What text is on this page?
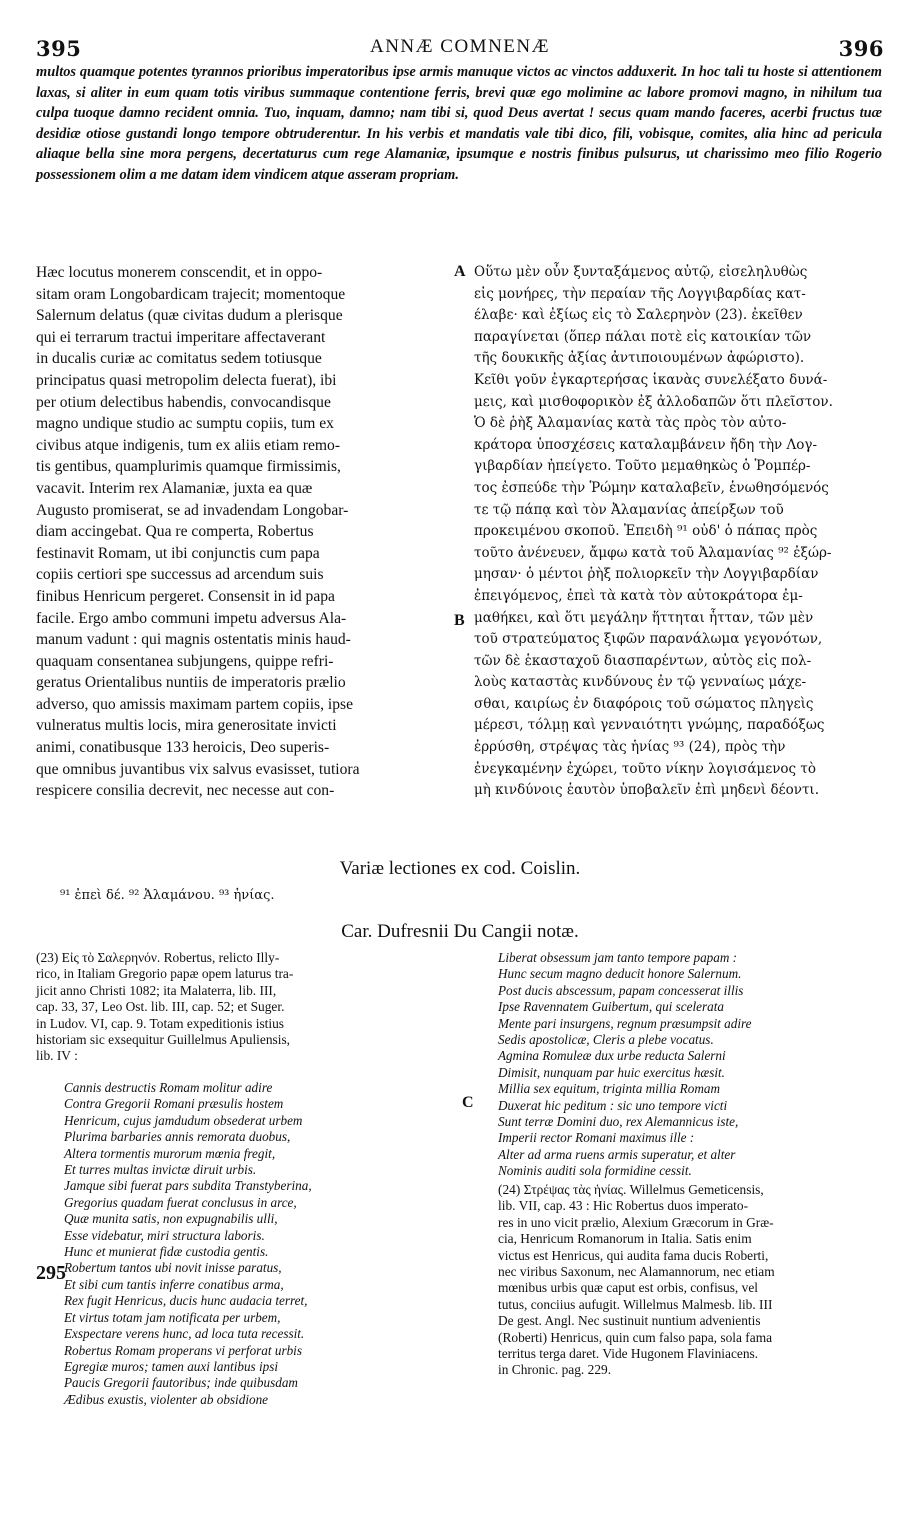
395	ANNÆ COMNENÆ	396
multos quamque potentes tyrannos prioribus imperatoribus ipse armis manuque victos ac vinctos adduxerit. In hoc tali tu hoste si attentionem laxas, si aliter in eum quam totis viribus summaque contentione ferris, brevi quæ ego molimine ac labore promovi magno, in nihilum tua culpa tuoque damno recident omnia. Tuo, inquam, damno; nam tibi si, quod Deus avertat ! secus quam mando faceres, acerbi fructus tuæ desidiæ otiose gustandi longo tempore obtruderentur. In his verbis et mandatis vale tibi dico, fili, vobisque, comites, alia hinc ad pericula aliaque bella sine mora pergens, decertaturus cum rege Alamaniæ, ipsumque e nostris finibus pulsurus, ut charissimo meo filio Rogerio possessionem olim a me datam idem vindicem atque asseram propriam.
Hæc locutus monerem conscendit, et in oppo-
sitam oram Longobardicam trajecit; momentoque
Salernum delatus (quæ civitas dudum a plerisque
qui ei terrarum tractui imperitare affectaverant
in ducalis curiæ ac comitatus sedem totiusque
principatus quasi metropolim delecta fuerat), ibi
per otium delectibus habendis, convocandisque
magno undique studio ac sumptu copiis, tum ex
civibus atque indigenis, tum ex aliis etiam remo-
tis gentibus, quamplurimis quamque firmissimis,
vacavit. Interim rex Alamaniæ, juxta ea quæ
Augusto promiserat, se ad invadendam Longobar-
diam accingebat. Qua re comperta, Robertus
festinavit Romam, ut ibi conjunctis cum papa
copiis certiori spe successus ad arcendum suis
finibus Henricum pergeret. Consensit in id papa
facile. Ergo ambo communi impetu adversus Ala-
manum vadunt : qui magnis ostentatis minis haud-
quaquam consentanea subjungens, quippe refri-
geratus Orientalibus nuntiis de imperatoris prælio
adverso, quo amissis maximam partem copiis, ipse
vulneratus multis locis, mira generositate invicti
animi, conatibusque 133 heroicis, Deo superis-
que omnibus juvantibus vix salvus evasisset, tutiora
respicere consilia decrevit, nec necesse aut con-
A
B
Οὕτω μὲν οὖν ξυνταξάμενος αὐτῷ, εἰσεληλυθὼς
εἰς μονήρες, τὴν περαίαν τῆς Λογγιβαρδίας κατ-
έλαβε· καὶ ἐξίως εἰς τὸ Σαλερηνὸν (23). ἐκεῖθεν
παραγίνεται (ὅπερ πάλαι ποτὲ εἰς κατοικίαν τῶν
τῆς δουκικῆς ἀξίας ἀντιποιουμένων ἀφώριστο).
Κεῖθι γοῦν ἐγκαρτερήσας ἱκανὰς συνελέξατο δυνά-
μεις, καὶ μισθοφορικὸν ἐξ ἀλλοδαπῶν ὅτι πλεῖστον.
Ὁ δὲ ῥὴξ Ἀλαμανίας κατὰ τὰς πρὸς τὸν αὐτο-
κράτορα ὑποσχέσεις καταλαμβάνειν ἤδη τὴν Λογ-
γιβαρδίαν ἠπείγετο. Τοῦτο μεμαθηκὼς ὁ Ῥομπέρ-
τος ἐσπεύδε τὴν Ῥώμην καταλαβεῖν, ἑνωθησόμενός
τε τῷ πάπᾳ καὶ τὸν Ἀλαμανίας ἀπείρξων τοῦ
προκειμένου σκοποῦ. Ἐπειδὴ ⁹¹ οὐδ' ὁ πάπας πρὸς
τοῦτο ἀνένευεν, ἄμφω κατὰ τοῦ Ἀλαμανίας ⁹² ἐξώρ-
μησαν· ὁ μέντοι ῥὴξ πολιορκεῖν τὴν Λογγιβαρδίαν
ἐπειγόμενος, ἐπεὶ τὰ κατὰ τὸν αὐτοκράτορα ἐμ-
μαθήκει, καὶ ὅτι μεγάλην ἥττηται ἧτταν, τῶν μὲν
τοῦ στρατεύματος ξιφῶν παρανάλωμα γεγονότων,
τῶν δὲ ἑκασταχοῦ διασπαρέντων, αὐτὸς εἰς πολ-
λοὺς καταστὰς κινδύνους ἐν τῷ γενναίως μάχε-
σθαι, καιρίως ἐν διαφόροις τοῦ σώματος πληγεὶς
μέρεσι, τόλμῃ καὶ γενναιότητι γνώμης, παραδόξως
ἐρρύσθη, στρέψας τὰς ἡνίας ⁹³ (24), πρὸς τὴν
ἐνεγκαμένην ἐχώρει, τοῦτο νίκην λογισάμενος τὸ
μὴ κινδύνοις ἑαυτὸν ὑποβαλεῖν ἐπὶ μηδενὶ δέοντι.
Variæ lectiones ex cod. Coislin.
⁹¹ ἐπεὶ δέ. ⁹² Ἀλαμάνου. ⁹³ ἡνίας.
Car. Dufresnii Du Cangii notæ.
(23) Εἰς τὸ Σαλερηνόν. Robertus, relicto Illy-
rico, in Italiam Gregorio papæ opem laturus tra-
jicit anno Christi 1082; ita Malaterra, lib. III,
cap. 33, 37, Leo Ost. lib. III, cap. 52; et Suger.
in Ludov. VI, cap. 9. Totam expeditionis istius
historiam sic exsequitur Guillelmus Apuliensis,
lib. IV :
Cannis destructis Romam molitur adire
Contra Gregorii Romani præsulis hostem
Henricum, cujus jamdudum obsederat urbem
Plurima barbaries annis remorata duobus,
Altera tormentis murorum mœnia fregit,
Et turres multas invictæ diruit urbis.
Jamque sibi fuerat pars subdita Transtyberina,
Gregorius quadam fuerat conclusus in arce,
Quæ munita satis, non expugnabilis ulli,
Esse videbatur, miri structura laboris.
Hunc et munierat fidæ custodia gentis.
Robertum tantos ubi novit inisse paratus,
Et sibi cum tantis inferre conatibus arma,
Rex fugit Henricus, ducis hunc audacia terret,
Et virtus totam jam notificata per urbem,
Exspectare verens hunc, ad loca tuta recessit.
Robertus Romam properans vi perforat urbis
Egregiæ muros; tamen auxi lantibus ipsi
Paucis Gregorii fautoribus; inde quibusdam
Ædibus exustis, violenter ab obsidione
295
C
Liberat obsessum jam tanto tempore papam :
Hunc secum magno deducit honore Salernum.
Post ducis abscessum, papam concesserat illis
Ipse Ravennatem Guibertum, qui scelerata
Mente pari insurgens, regnum præsumpsit adire
Sedis apostolicæ, Cleris a plebe vocatus.
Agmina Romuleæ dux urbe reducta Salerni
Dimisit, nunquam par huic exercitus hæsit.
Millia sex equitum, triginta millia Romam
Duxerat hic peditum : sic uno tempore victi
Sunt terræ Domini duo, rex Alemannicus iste,
Imperii rector Romani maximus ille :
Alter ad arma ruens armis superatur, et alter
Nominis auditi sola formidine cessit.
(24) Στρέψας τὰς ἡνίας. Willelmus Gemeticensis,
lib. VII, cap. 43 : Hic Robertus duos imperato-
res in uno vicit prælio, Alexium Græcorum in Græ-
cia, Henricum Romanorum in Italia. Satis enim
victus est Henricus, qui audita fama ducis Roberti,
nec viribus Saxonum, nec Alamannorum, nec etiam
mœnibus urbis quæ caput est orbis, confisus, vel
tutus, conciius aufugit. Willelmus Malmesb. lib. III
De gest. Angl. Nec sustinuit nuntium advenientis
(Roberti) Henricus, quin cum falso papa, sola fama
territus terga daret. Vide Hugonem Flaviniacens.
in Chronic. pag. 229.
